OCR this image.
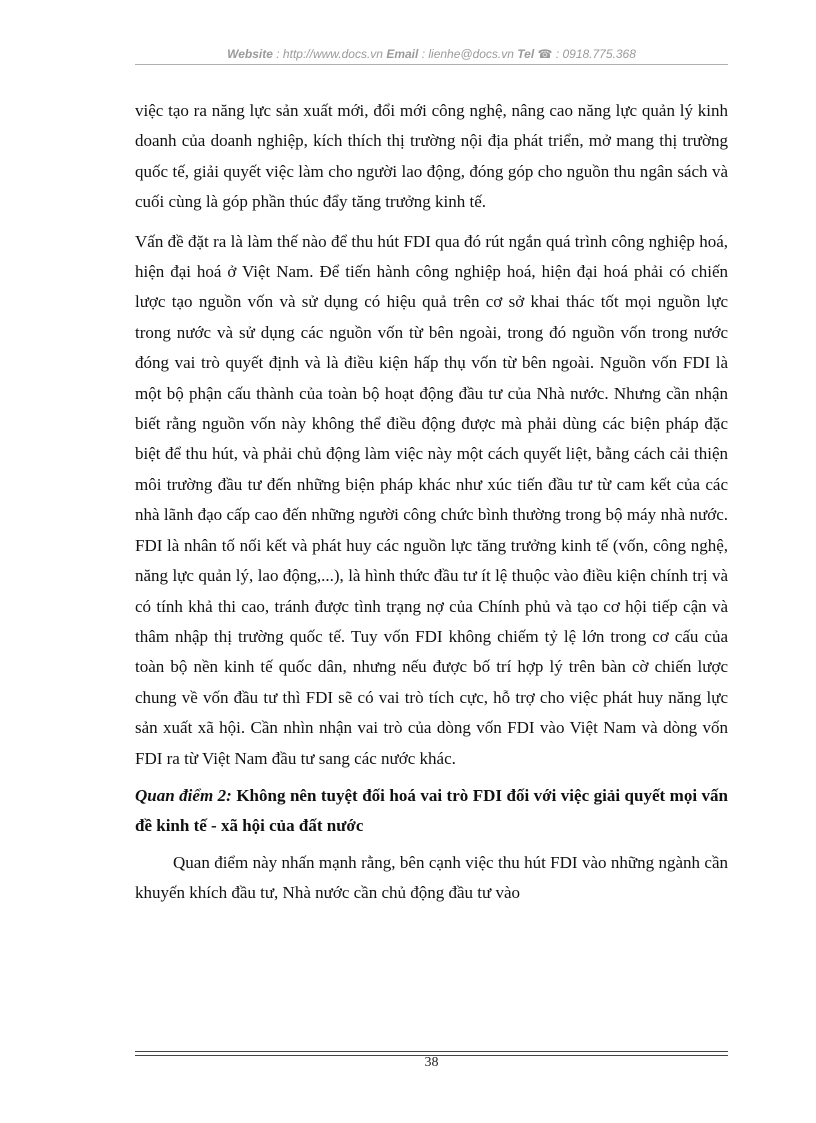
Website : http://www.docs.vn Email : lienhe@docs.vn Tel ☎ : 0918.775.368

việc tạo ra năng lực sản xuất mới, đổi mới công nghệ, nâng cao năng lực quản lý kinh doanh của doanh nghiệp, kích thích thị trường nội địa phát triển, mở mang thị trường quốc tế, giải quyết việc làm cho người lao động, đóng góp cho nguồn thu ngân sách và cuối cùng là góp phần thúc đẩy tăng trưởng kinh tế.

Vấn đề đặt ra là làm thế nào để thu hút FDI qua đó rút ngắn quá trình công nghiệp hoá, hiện đại hoá ở Việt Nam. Để tiến hành công nghiệp hoá, hiện đại hoá phải có chiến lược tạo nguồn vốn và sử dụng có hiệu quả trên cơ sở khai thác tốt mọi nguồn lực trong nước và sử dụng các nguồn vốn từ bên ngoài, trong đó nguồn vốn trong nước đóng vai trò quyết định và là điều kiện hấp thụ vốn từ bên ngoài. Nguồn vốn FDI là một bộ phận cấu thành của toàn bộ hoạt động đầu tư của Nhà nước. Nhưng cần nhận biết rằng nguồn vốn này không thể điều động được mà phải dùng các biện pháp đặc biệt để thu hút, và phải chủ động làm việc này một cách quyết liệt, bằng cách cải thiện môi trường đầu tư đến những biện pháp khác như xúc tiến đầu tư từ cam kết của các nhà lãnh đạo cấp cao đến những người công chức bình thường trong bộ máy nhà nước. FDI là nhân tố nối kết và phát huy các nguồn lực tăng trưởng kinh tế (vốn, công nghệ, năng lực quản lý, lao động,...), là hình thức đầu tư ít lệ thuộc vào điều kiện chính trị và có tính khả thi cao, tránh được tình trạng nợ của Chính phủ và tạo cơ hội tiếp cận và thâm nhập thị trường quốc tế. Tuy vốn FDI không chiếm tỷ lệ lớn trong cơ cấu của toàn bộ nền kinh tế quốc dân, nhưng nếu được bố trí hợp lý trên bàn cờ chiến lược chung về vốn đầu tư thì FDI sẽ có vai trò tích cực, hỗ trợ cho việc phát huy năng lực sản xuất xã hội. Cần nhìn nhận vai trò của dòng vốn FDI vào Việt Nam và dòng vốn FDI ra từ Việt Nam đầu tư sang các nước khác.

Quan điểm 2: Không nên tuyệt đối hoá vai trò FDI đối với việc giải quyết mọi vấn đề kinh tế - xã hội của đất nước

Quan điểm này nhấn mạnh rằng, bên cạnh việc thu hút FDI vào những ngành cần khuyến khích đầu tư, Nhà nước cần chủ động đầu tư vào

38
